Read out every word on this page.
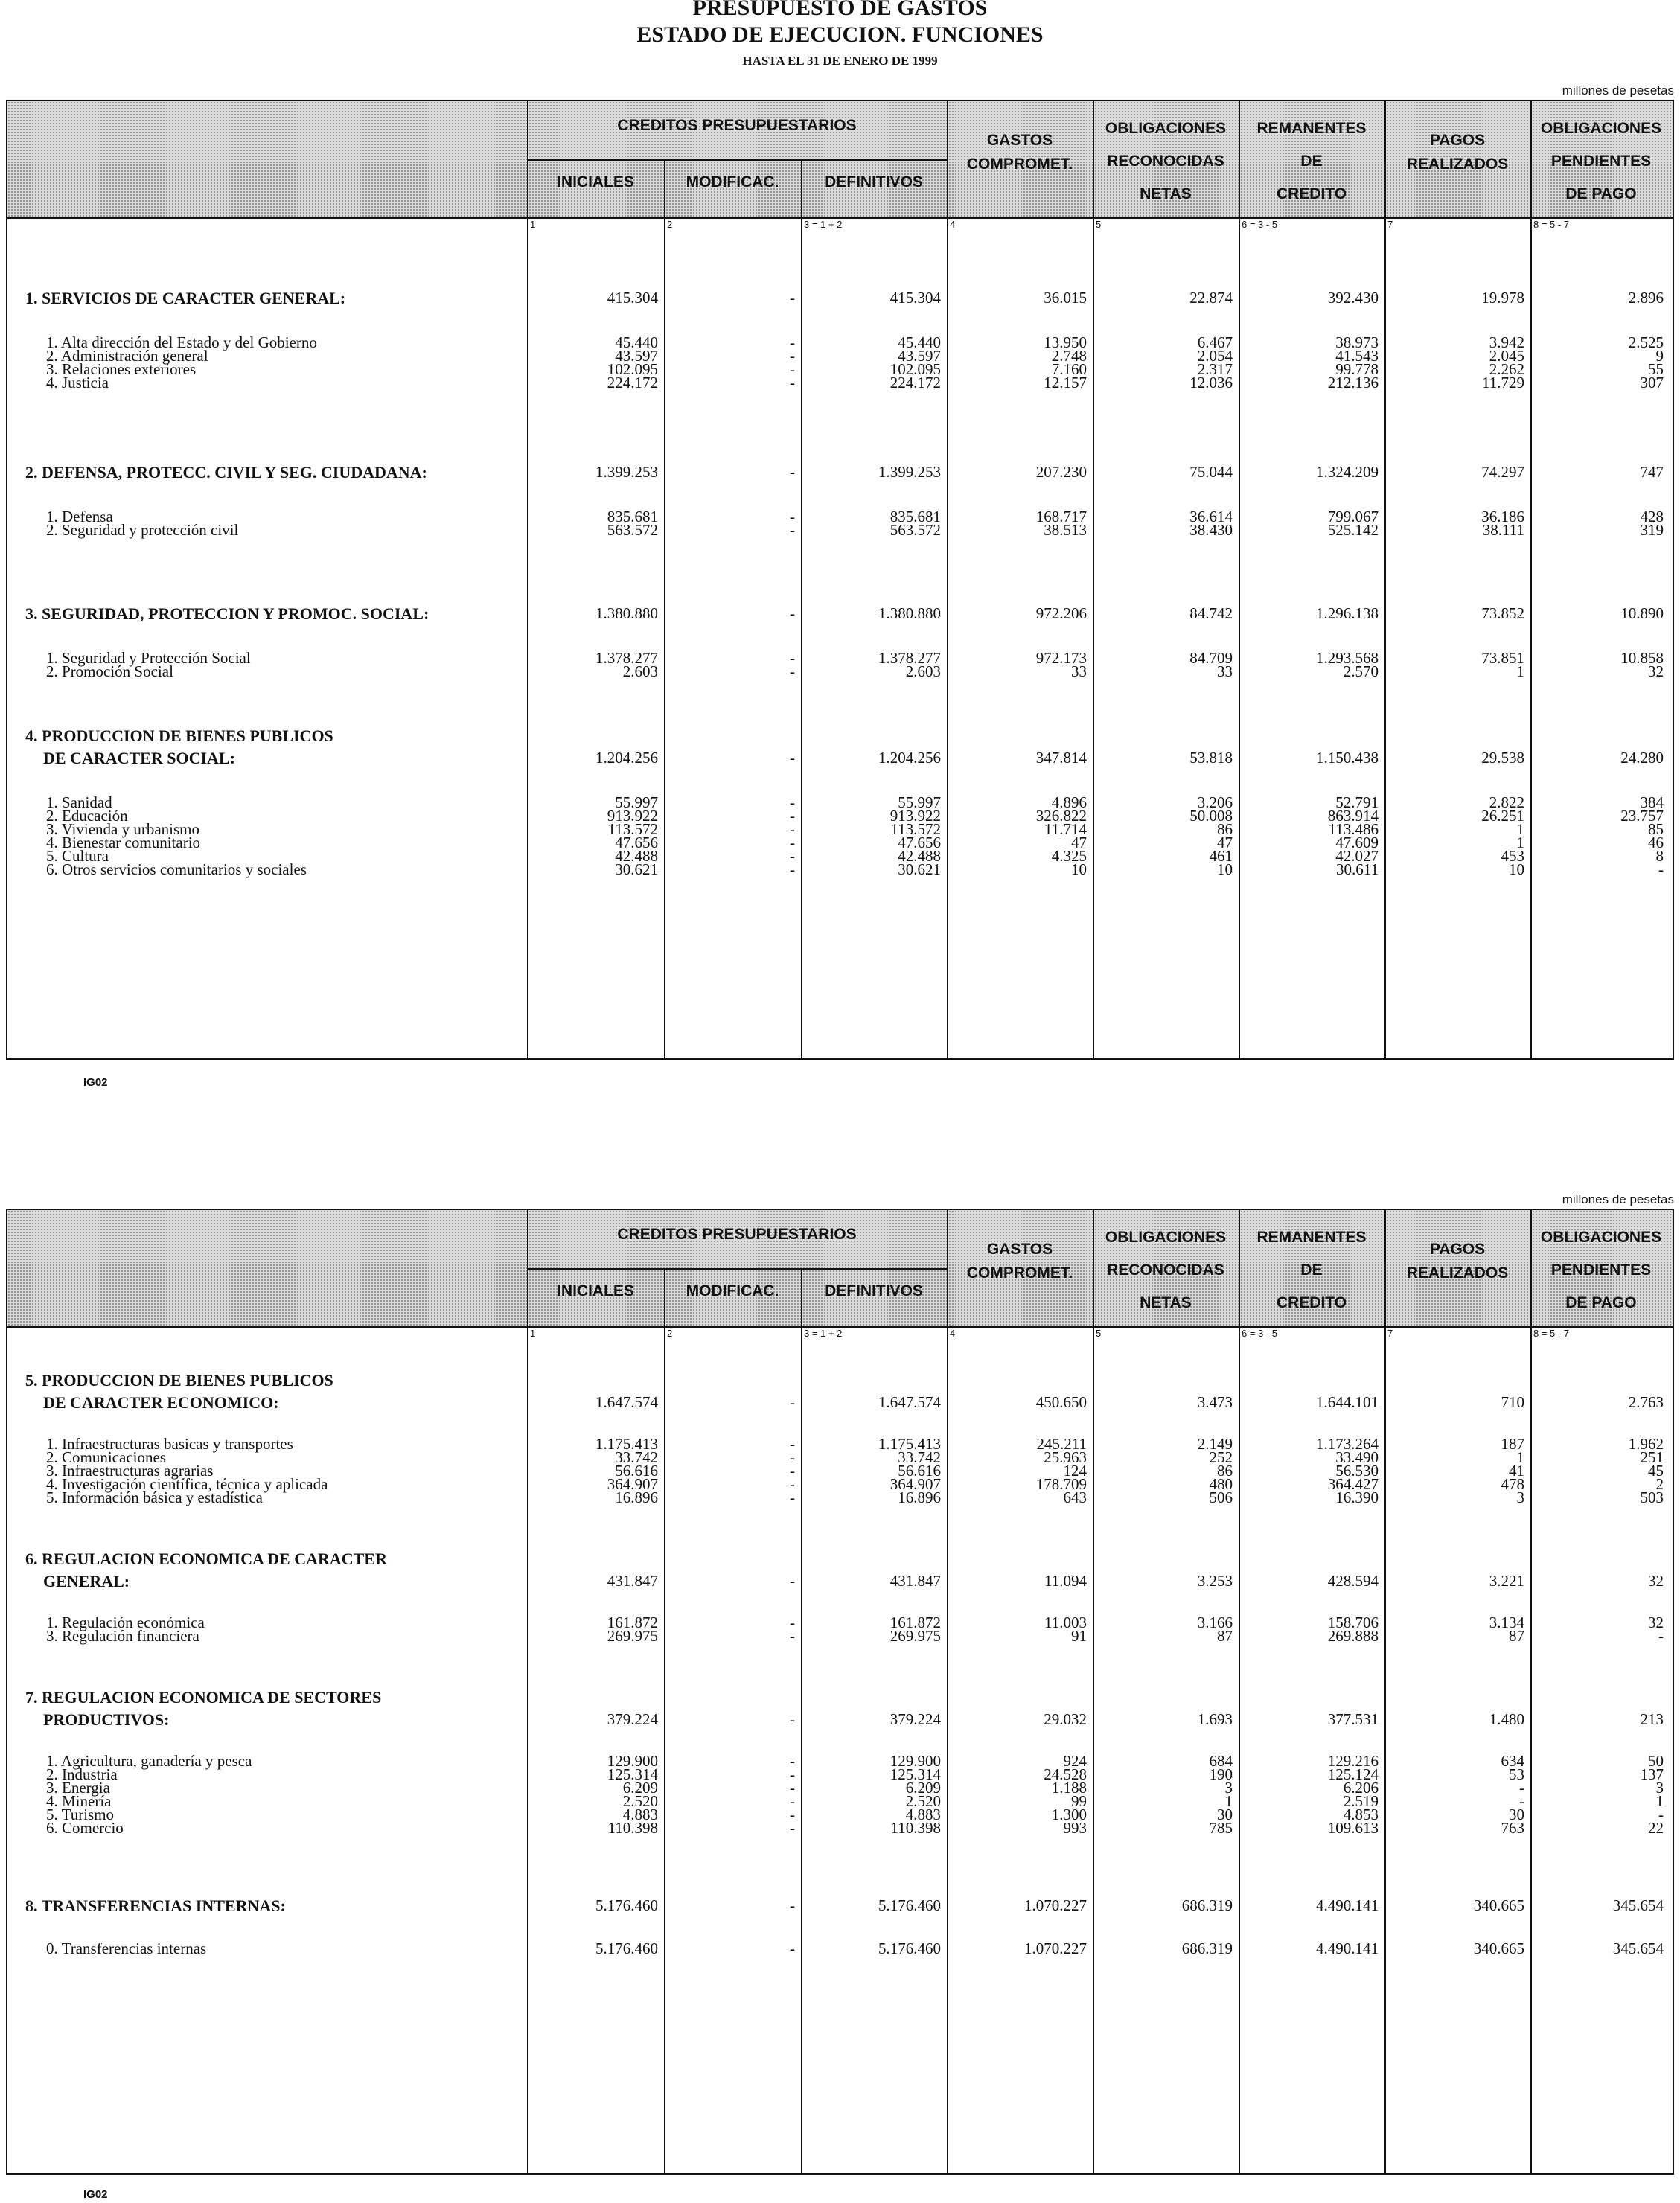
PRESUPUESTO DE GASTOS
ESTADO DE EJECUCION. FUNCIONES
HASTA EL 31 DE ENERO DE 1999
millones de pesetas
CREDITOS PRESUPUESTARIOS
INICIALES	MODIFICAC.	DEFINITIVOS
GASTOS
COMPROMET.
OBLIGACIONES
RECONOCIDAS
NETAS
REMANENTES
DE
CREDITO
PAGOS
REALIZADOS
OBLIGACIONES
PENDIENTES
DE PAGO
1	2	3 = 1 + 2	4	5	6 = 3 - 5	7	8 = 5 - 7
1. SERVICIOS DE CARACTER GENERAL:	415.304	-	415.304	36.015	22.874	392.430	19.978	2.896
1. Alta dirección del Estado y del Gobierno	45.440	-	45.440	13.950	6.467	38.973	3.942	2.525
2. Administración general	43.597	-	43.597	2.748	2.054	41.543	2.045	9
3. Relaciones exteriores	102.095	-	102.095	7.160	2.317	99.778	2.262	55
4. Justicia	224.172	-	224.172	12.157	12.036	212.136	11.729	307
2. DEFENSA, PROTECC. CIVIL Y SEG. CIUDADANA:	1.399.253	-	1.399.253	207.230	75.044	1.324.209	74.297	747
1. Defensa	835.681	-	835.681	168.717	36.614	799.067	36.186	428
2. Seguridad y protección civil	563.572	-	563.572	38.513	38.430	525.142	38.111	319
3. SEGURIDAD, PROTECCION Y PROMOC. SOCIAL:	1.380.880	-	1.380.880	972.206	84.742	1.296.138	73.852	10.890
1. Seguridad y Protección Social	1.378.277	-	1.378.277	972.173	84.709	1.293.568	73.851	10.858
2. Promoción Social	2.603	-	2.603	33	33	2.570	1	32
4. PRODUCCION DE BIENES PUBLICOS
DE CARACTER SOCIAL:	1.204.256	-	1.204.256	347.814	53.818	1.150.438	29.538	24.280
1. Sanidad	55.997	-	55.997	4.896	3.206	52.791	2.822	384
2. Educación	913.922	-	913.922	326.822	50.008	863.914	26.251	23.757
3. Vivienda y urbanismo	113.572	-	113.572	11.714	86	113.486	1	85
4. Bienestar comunitario	47.656	-	47.656	47	47	47.609	1	46
5. Cultura	42.488	-	42.488	4.325	461	42.027	453	8
6. Otros servicios comunitarios y sociales	30.621	-	30.621	10	10	30.611	10	-
IG02
millones de pesetas
CREDITOS PRESUPUESTARIOS
INICIALES	MODIFICAC.	DEFINITIVOS
GASTOS
COMPROMET.
OBLIGACIONES
RECONOCIDAS
NETAS
REMANENTES
DE
CREDITO
PAGOS
REALIZADOS
OBLIGACIONES
PENDIENTES
DE PAGO
1	2	3 = 1 + 2	4	5	6 = 3 - 5	7	8 = 5 - 7
5. PRODUCCION DE BIENES PUBLICOS
DE CARACTER ECONOMICO:	1.647.574	-	1.647.574	450.650	3.473	1.644.101	710	2.763
1. Infraestructuras basicas y transportes	1.175.413	-	1.175.413	245.211	2.149	1.173.264	187	1.962
2. Comunicaciones	33.742	-	33.742	25.963	252	33.490	1	251
3. Infraestructuras agrarias	56.616	-	56.616	124	86	56.530	41	45
4. Investigación científica, técnica y aplicada	364.907	-	364.907	178.709	480	364.427	478	2
5. Información básica y estadística	16.896	-	16.896	643	506	16.390	3	503
6. REGULACION ECONOMICA DE CARACTER
GENERAL:	431.847	-	431.847	11.094	3.253	428.594	3.221	32
1. Regulación económica	161.872	-	161.872	11.003	3.166	158.706	3.134	32
3. Regulación financiera	269.975	-	269.975	91	87	269.888	87	-
7. REGULACION ECONOMICA DE SECTORES
PRODUCTIVOS:	379.224	-	379.224	29.032	1.693	377.531	1.480	213
1. Agricultura, ganadería y pesca	129.900	-	129.900	924	684	129.216	634	50
2. Industria	125.314	-	125.314	24.528	190	125.124	53	137
3. Energia	6.209	-	6.209	1.188	3	6.206	-	3
4. Minería	2.520	-	2.520	99	1	2.519	-	1
5. Turismo	4.883	-	4.883	1.300	30	4.853	30	-
6. Comercio	110.398	-	110.398	993	785	109.613	763	22
8. TRANSFERENCIAS INTERNAS:	5.176.460	-	5.176.460	1.070.227	686.319	4.490.141	340.665	345.654
0. Transferencias internas	5.176.460	-	5.176.460	1.070.227	686.319	4.490.141	340.665	345.654
IG02
